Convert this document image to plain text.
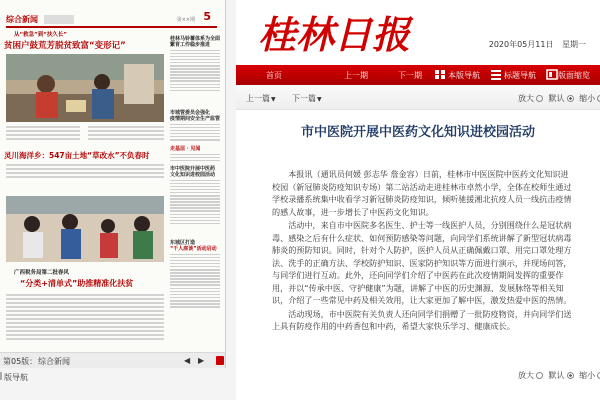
综合新闻	第××期 5
从“救急”到“扶久长”
贫困户鼓荒芳脱贫致富“变形记”
灵川海洋乡：547亩土地“草改水”不负春时
广西税务局第二批春风
“分类+清单式”助推精准化扶贫
桂林马铃薯体系为全面
繁育工作稳步推进
市城管委员会强化
疫情期间安全生产监管
走基层 · 见闻
市中医院开展中医药
文化知识进校园活动
东城区打造
“千人座谈”活动启动
第05版： 综合新闻	◀ ▶
版导航
桂林日报	2020年05月11日 星期一
首页	上一期	下一期	本版导航	标题导航	版面缩览
上一篇▼ 下一篇▼	放大 默认 缩小
市中医院开展中医药文化知识进校园活动

本报讯（通讯员何媛 彭志华 詹金容）日前，桂林市中医医院中医药文化知识进校园（新冠肺炎防疫知识专场）第二站活动走进桂林市卓然小学，全体在校师生通过学校录播系统集中收看学习新冠肺炎防疫知识，倾听驰援湘北抗疫人员一线抗击疫情的感人故事，进一步增长了中医药文化知识。

活动中，来自市中医院多名医生、护士等一线医护人员，分别围绕什么是冠状病毒、感染之后有什么症状、如何预防感染等问题，向同学们系统讲解了新型冠状病毒肺炎的预防知识。同时，针对个人防护，医护人员从正确佩戴口罩、用完口罩处理方法、洗手的正确方法、学校防护知识、医家防护知识等方面进行演示，并现场问答，与同学们进行互动。此外，还向同学们介绍了中医药在此次疫情期间发挥的重要作用，并以“传承中医、守护健康”为题，讲解了中医的历史渊源、发展脉络等相关知识，介绍了一些常见中药及相关效用，让大家更加了解中医，激发热爱中医的热情。

活动现场，市中医院有关负责人还向同学们捐赠了一批防疫物资，并向同学们送上具有防疫作用的中药香包和中药，希望大家快乐学习、健康成长。

放大 默认 缩小
